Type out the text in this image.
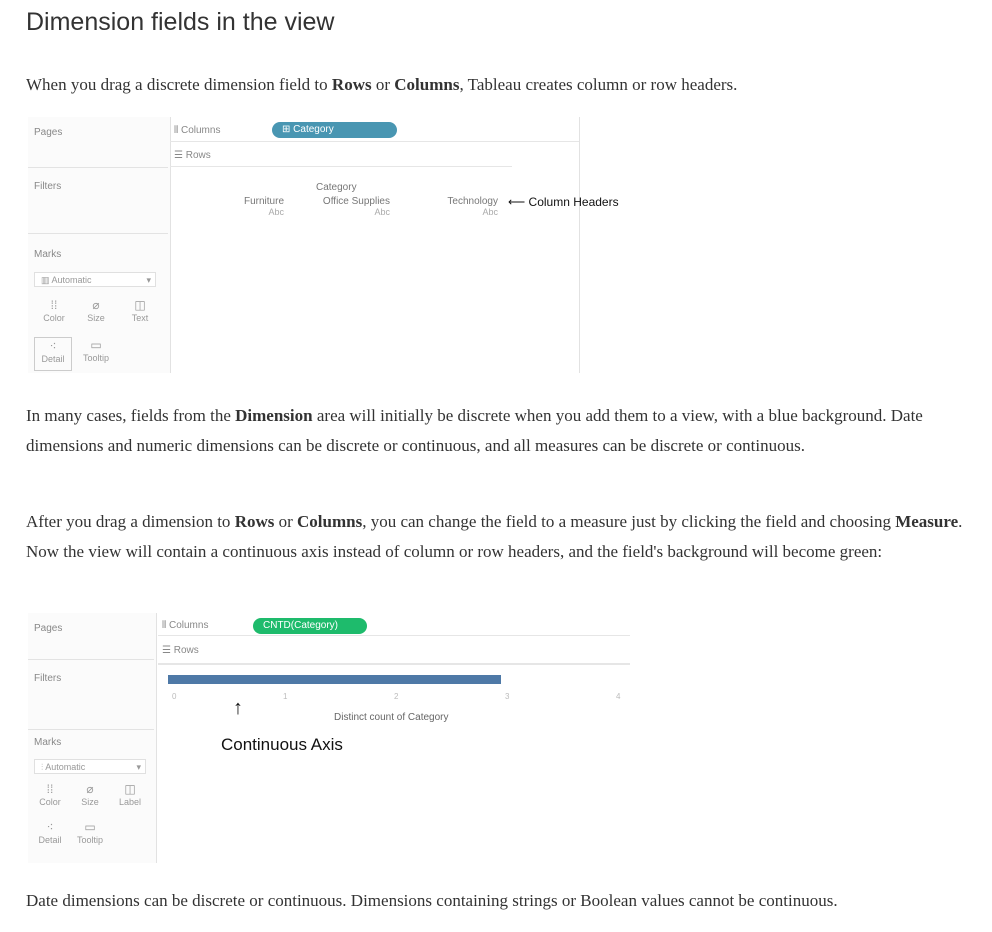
Dimension fields in the view
When you drag a discrete dimension field to Rows or Columns, Tableau creates column or row headers.
Pages
Filters
Marks
▥ Automatic	▾
⁞⁞
Color
⌀
Size
◫
Text
⁖
Detail
▭
Tooltip
⫴ Columns	⊞ Category
☰ Rows
Category
Furniture
Abc
Office Supplies
Abc
Technology
Abc
⟵ Column Headers
In many cases, fields from the Dimension area will initially be discrete when you add them to a view, with a blue background. Date dimensions and numeric dimensions can be discrete or continuous, and all measures can be discrete or continuous.
After you drag a dimension to Rows or Columns, you can change the field to a measure just by clicking the field and choosing Measure. Now the view will contain a continuous axis instead of column or row headers, and the field's background will become green:
Pages
Filters
Marks
⫶ Automatic	▾
⁞⁞
Color
⌀
Size
◫
Label
⁖
Detail
▭
Tooltip
⫴ Columns	CNTD(Category)
☰ Rows
0	1	2	3	4
Distinct count of Category
↑
Continuous Axis
Date dimensions can be discrete or continuous. Dimensions containing strings or Boolean values cannot be continuous.
